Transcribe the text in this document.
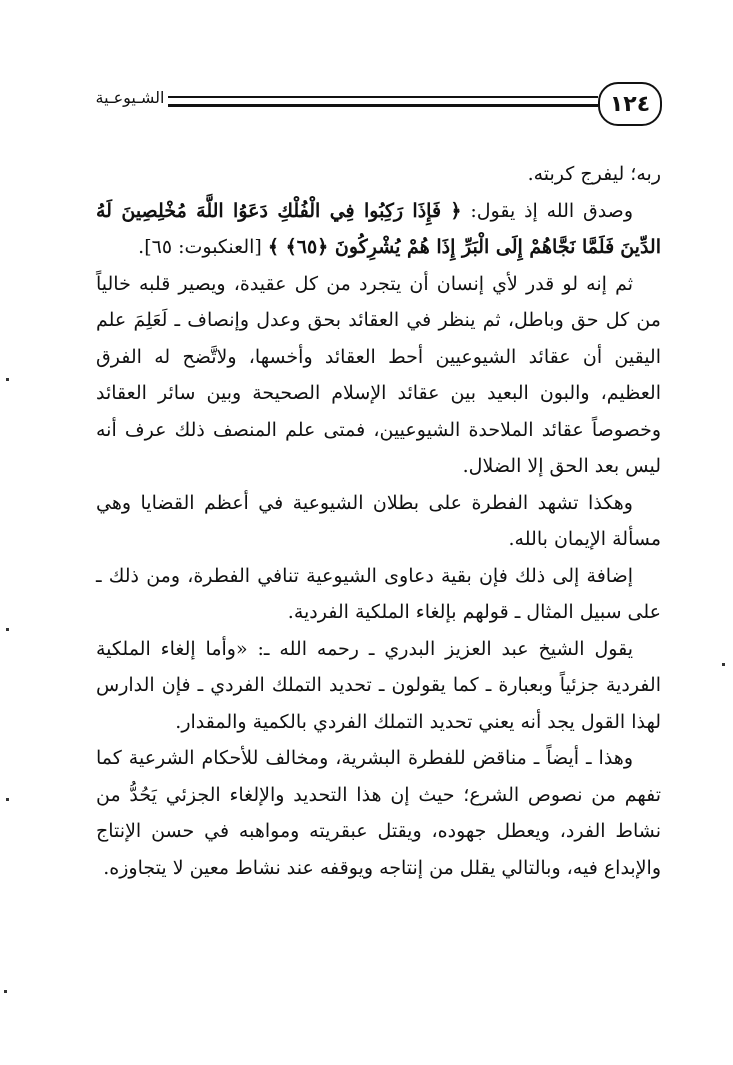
١٢٤
الشـيوعـية

ربه؛ ليفرج كربته.

وصدق الله إذ يقول: ﴿ فَإِذَا رَكِبُوا فِي الْفُلْكِ دَعَوُا اللَّهَ مُخْلِصِينَ لَهُ الدِّينَ فَلَمَّا نَجَّاهُمْ إِلَى الْبَرِّ إِذَا هُمْ يُشْرِكُونَ ﴿٦٥﴾ ﴾ [العنكبوت: ٦٥].

ثم إنه لو قدر لأي إنسان أن يتجرد من كل عقيدة، ويصير قلبه خالياً من كل حق وباطل، ثم ينظر في العقائد بحق وعدل وإنصاف ـ لَعَلِمَ علم اليقين أن عقائد الشيوعيين أحط العقائد وأخسها، ولاتَّضح له الفرق العظيم، والبون البعيد بين عقائد الإسلام الصحيحة وبين سائر العقائد وخصوصاً عقائد الملاحدة الشيوعيين، فمتى علم المنصف ذلك عرف أنه ليس بعد الحق إلا الضلال.

وهكذا تشهد الفطرة على بطلان الشيوعية في أعظم القضايا وهي مسألة الإيمان بالله.

إضافة إلى ذلك فإن بقية دعاوى الشيوعية تنافي الفطرة، ومن ذلك ـ على سبيل المثال ـ قولهم بإلغاء الملكية الفردية.

يقول الشيخ عبد العزيز البدري ـ رحمه الله ـ: «وأما إلغاء الملكية الفردية جزئياً وبعبارة ـ كما يقولون ـ تحديد التملك الفردي ـ فإن الدارس لهذا القول يجد أنه يعني تحديد التملك الفردي بالكمية والمقدار.

وهذا ـ أيضاً ـ مناقض للفطرة البشرية، ومخالف للأحكام الشرعية كما تفهم من نصوص الشرع؛ حيث إن هذا التحديد والإلغاء الجزئي يَحُدُّ من نشاط الفرد، ويعطل جهوده، ويقتل عبقريته ومواهبه في حسن الإنتاج والإبداع فيه، وبالتالي يقلل من إنتاجه ويوقفه عند نشاط معين لا يتجاوزه.
